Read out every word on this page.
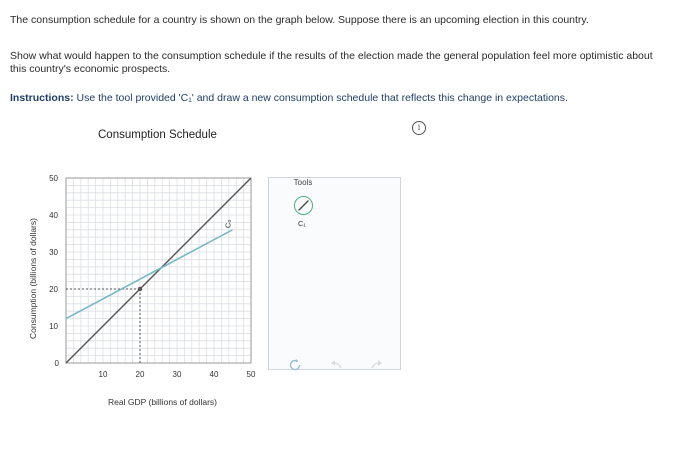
The consumption schedule for a country is shown on the graph below. Suppose there is an upcoming election in this country.

Show what would happen to the consumption schedule if the results of the election made the general population feel more optimistic about this country's economic prospects.

Instructions: Use the tool provided 'C₁' and draw a new consumption schedule that reflects this change in expectations.

Consumption Schedule
i
10	20	30	40	50
10
20
30
40
50
0
C₀
Consumption (billions of dollars)
Real GDP (billions of dollars)
Tools
C₁
